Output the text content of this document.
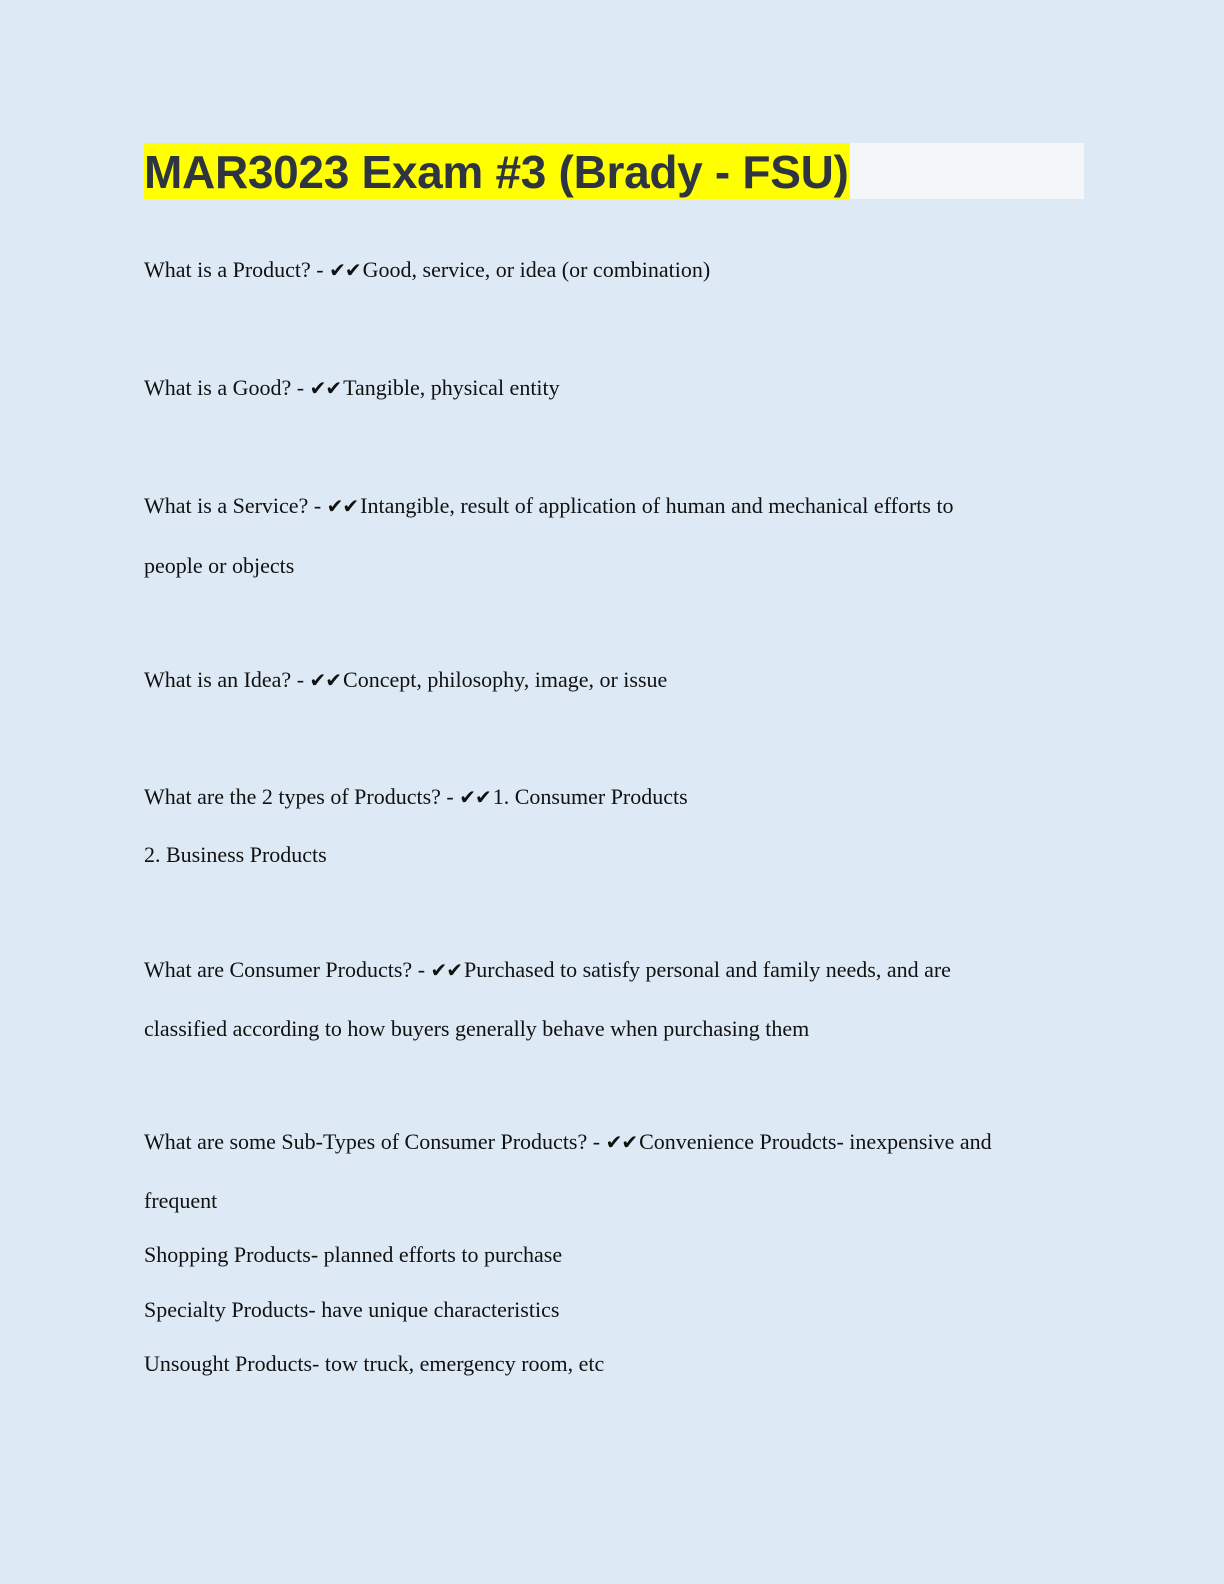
MAR3023 Exam #3 (Brady - FSU)

What is a Product? - ✔✔Good, service, or idea (or combination)

What is a Good? - ✔✔Tangible, physical entity

What is a Service? - ✔✔Intangible, result of application of human and mechanical efforts to

people or objects

What is an Idea? - ✔✔Concept, philosophy, image, or issue

What are the 2 types of Products? - ✔✔1. Consumer Products

2. Business Products

What are Consumer Products? - ✔✔Purchased to satisfy personal and family needs, and are

classified according to how buyers generally behave when purchasing them

What are some Sub-Types of Consumer Products? - ✔✔Convenience Proudcts- inexpensive and

frequent

Shopping Products- planned efforts to purchase

Specialty Products- have unique characteristics

Unsought Products- tow truck, emergency room, etc
